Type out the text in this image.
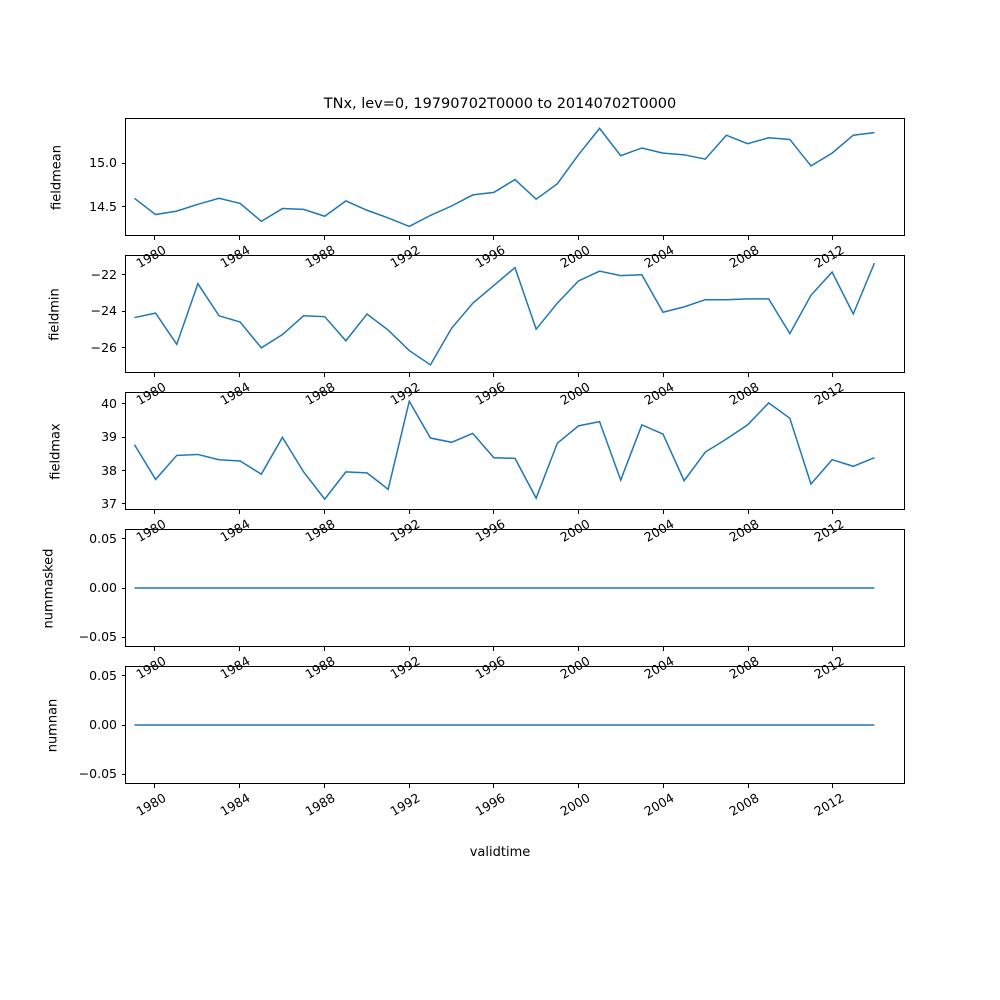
TNx, lev=0, 19790702T0000 to 20140702T0000
fieldmean
fieldmin
fieldmax
nummasked
numnan
validtime
14.5
15.0
1980	1984	1988	1992	1996	2000	2004	2008	2012
−26
−24
−22
1980	1984	1988	1992	1996	2000	2004	2008	2012
37
38
39
40
1980	1984	1988	1992	1996	2000	2004	2008	2012
−0.05
0.00
0.05
1980	1984	1988	1992	1996	2000	2004	2008	2012
−0.05
0.00
0.05
1980	1984	1988	1992	1996	2000	2004	2008	2012
